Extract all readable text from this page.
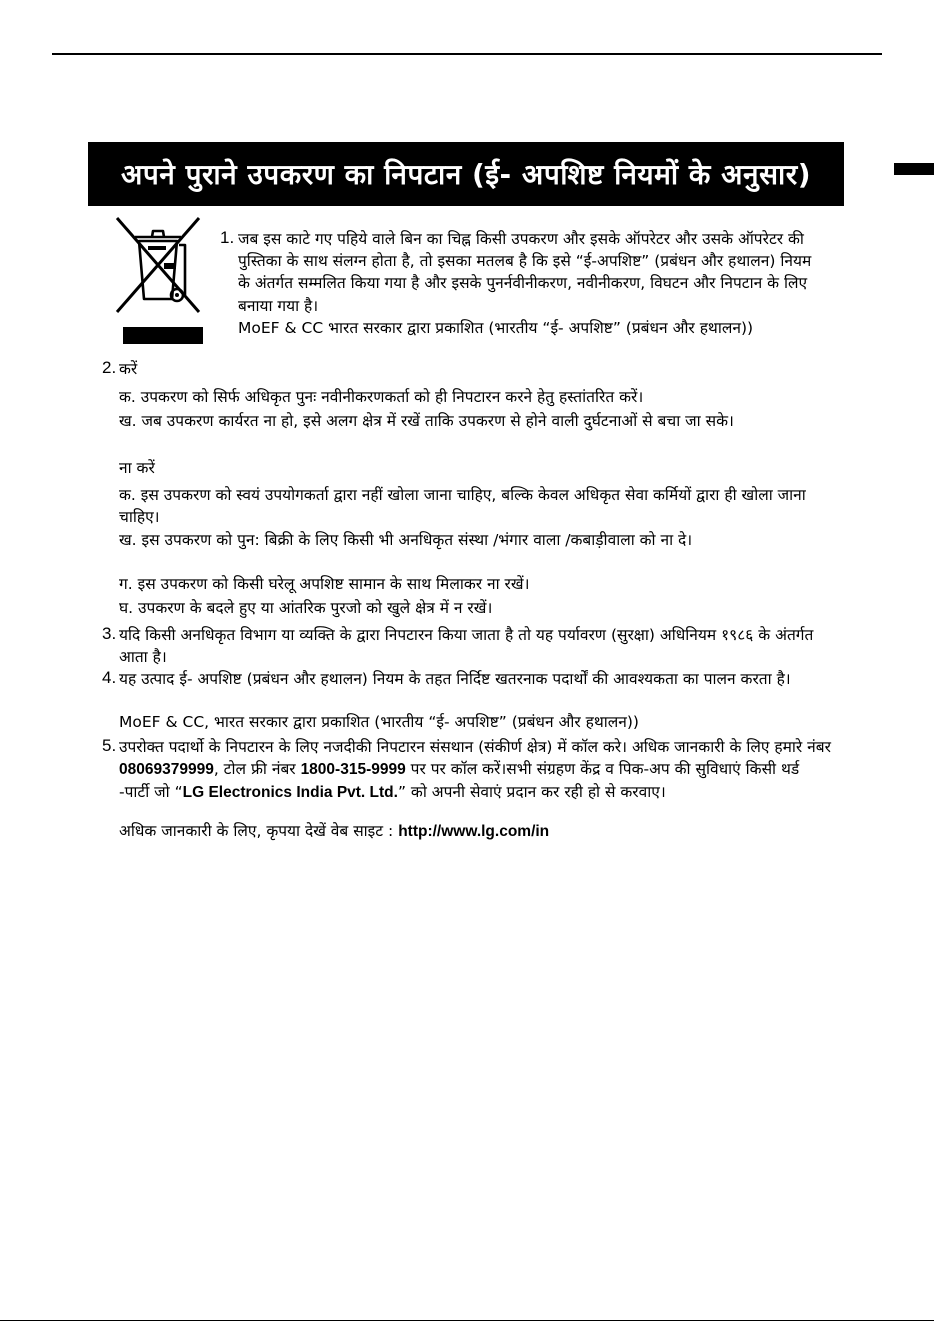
अपने पुराने उपकरण का निपटान (ई- अपशिष्ट नियमों के अनुसार)
1. जब इस काटे गए पहिये वाले बिन का चिह्न किसी उपकरण और इसके ऑपरेटर और उसके ऑपरेटर की पुस्तिका के साथ संलग्न होता है, तो इसका मतलब है कि इसे “ई-अपशिष्ट” (प्रबंधन और हथालन) नियम के अंतर्गत सम्मलित किया गया है और इसके पुनर्नवीनीकरण, नवीनीकरण, विघटन और निपटान के लिए बनाया गया है।

MoEF & CC भारत सरकार द्वारा प्रकाशित (भारतीय “ई- अपशिष्ट” (प्रबंधन और हथालन))

2. करें

क. उपकरण को सिर्फ अधिकृत पुनः नवीनीकरणकर्ता को ही निपटारन करने हेतु हस्तांतरित करें।

ख. जब उपकरण कार्यरत ना हो, इसे अलग क्षेत्र में रखें ताकि उपकरण से होने वाली दुर्घटनाओं से बचा जा सके।

ना करें

क. इस उपकरण को स्वयं उपयोगकर्ता द्वारा नहीं खोला जाना चाहिए, बल्कि केवल अधिकृत सेवा कर्मियों द्वारा ही खोला जाना चाहिए।

ख. इस उपकरण को पुन: बिक्री के लिए किसी भी अनधिकृत संस्था /भंगार वाला /कबाड़ीवाला को ना दे।

ग. इस उपकरण को किसी घरेलू अपशिष्ट सामान के साथ मिलाकर ना रखें।

घ. उपकरण के बदले हुए या आंतरिक पुरजो को खुले क्षेत्र में न रखें।

3. यदि किसी अनधिकृत विभाग या व्यक्ति के द्वारा निपटारन किया जाता है तो यह पर्यावरण (सुरक्षा) अधिनियम १९८६ के अंतर्गत आता है।

4. यह उत्पाद ई- अपशिष्ट (प्रबंधन और हथालन) नियम के तहत निर्दिष्ट खतरनाक पदार्थों की आवश्यकता का पालन करता है।

MoEF & CC, भारत सरकार द्वारा प्रकाशित (भारतीय “ई- अपशिष्ट” (प्रबंधन और हथालन))

5. उपरोक्त पदार्थो के निपटारन के लिए नजदीकी निपटारन संसथान (संकीर्ण क्षेत्र) में कॉल करे। अधिक जानकारी के लिए हमारे नंबर 08069379999, टोल फ्री नंबर 1800-315-9999 पर पर कॉल करें।सभी संग्रहण केंद्र व पिक-अप की सुविधाएं किसी थर्ड -पार्टी जो “LG Electronics India Pvt. Ltd.” को अपनी सेवाएं प्रदान कर रही हो से करवाए।

अधिक जानकारी के लिए, कृपया देखें वेब साइट : http://www.lg.com/in
